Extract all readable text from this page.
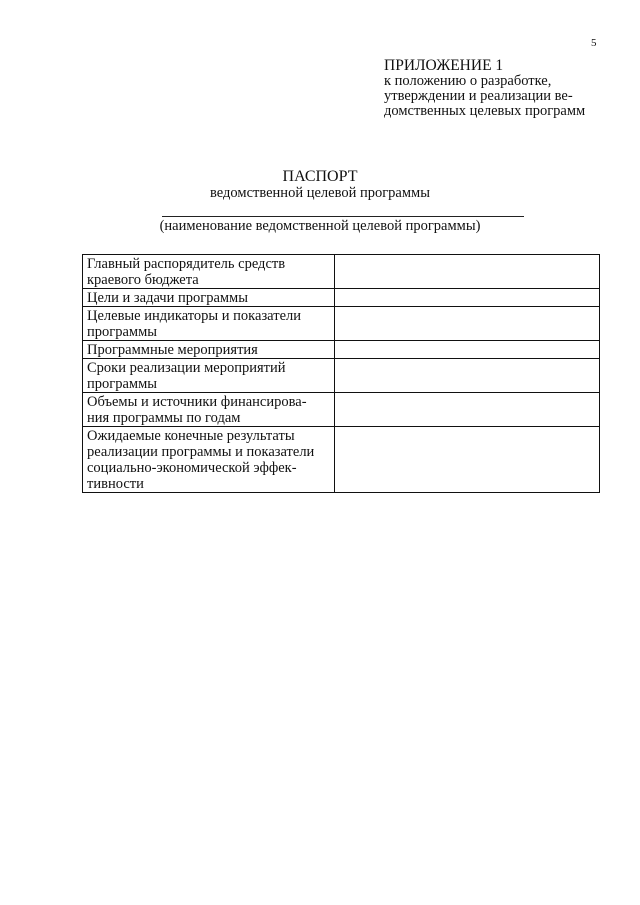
5
ПРИЛОЖЕНИЕ 1
к положению о разработке,
утверждении и реализации ве-
домственных целевых программ
ПАСПОРТ
ведомственной целевой программы
(наименование ведомственной целевой программы)
Главный распорядитель средств
краевого бюджета	

Цели и задачи программы	

Целевые индикаторы и показатели
программы	

Программные мероприятия	

Сроки реализации мероприятий
программы	

Объемы и источники финансирова-
ния программы по годам	

Ожидаемые конечные результаты
реализации программы и показатели
социально-экономической эффек-
тивности	
